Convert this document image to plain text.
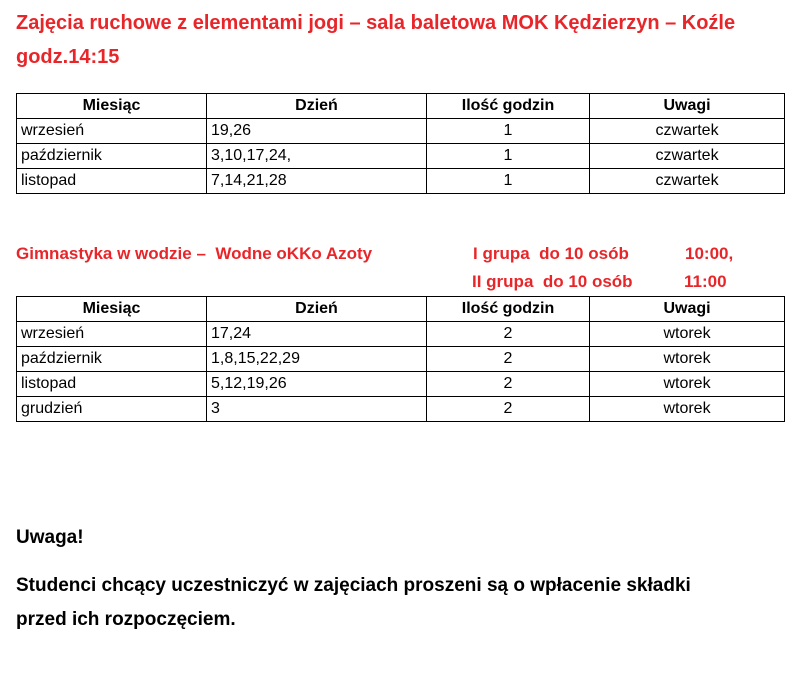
Zajęcia ruchowe z elementami jogi – sala baletowa MOK Kędzierzyn – Koźle
godz.14:15
Miesiąc	Dzień	Ilość godzin	Uwagi
wrzesień	19,26	1	czwartek
październik	3,10,17,24,	1	czwartek
listopad	7,14,21,28	1	czwartek
Gimnastyka w wodzie –  Wodne oKKo Azoty	I grupa  do 10 osób	10:00,
II grupa  do 10 osób	11:00
Miesiąc	Dzień	Ilość godzin	Uwagi
wrzesień	17,24	2	wtorek
październik	1,8,15,22,29	2	wtorek
listopad	5,12,19,26	2	wtorek
grudzień	3	2	wtorek
Uwaga!
Studenci chcący uczestniczyć w zajęciach proszeni są o wpłacenie składki
przed ich rozpoczęciem.
